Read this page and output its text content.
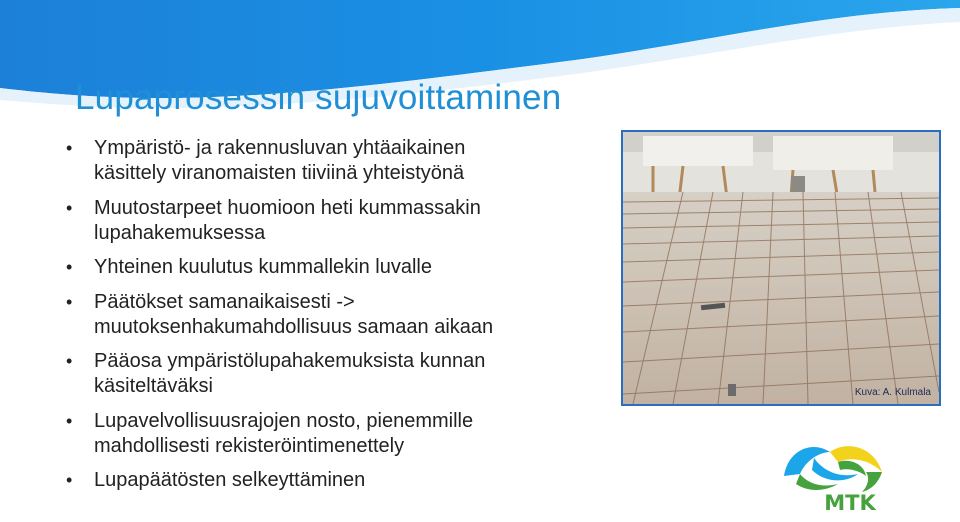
Lupaprosessin sujuvoittaminen
• Ympäristö- ja rakennusluvan yhtäaikainen
käsittely viranomaisten tiiviinä yhteistyönä
• Muutostarpeet huomioon heti kummassakin
lupahakemuksessa
• Yhteinen kuulutus kummallekin luvalle
• Päätökset samanaikaisesti ->
muutoksenhakumahdollisuus samaan aikaan
• Pääosa ympäristölupahakemuksista kunnan
käsiteltäväksi
• Lupavelvollisuusrajojen nosto, pienemmille
mahdollisesti rekisteröintimenettely
• Lupapäätösten selkeyttäminen
Kuva: A. Kulmala
MTK
